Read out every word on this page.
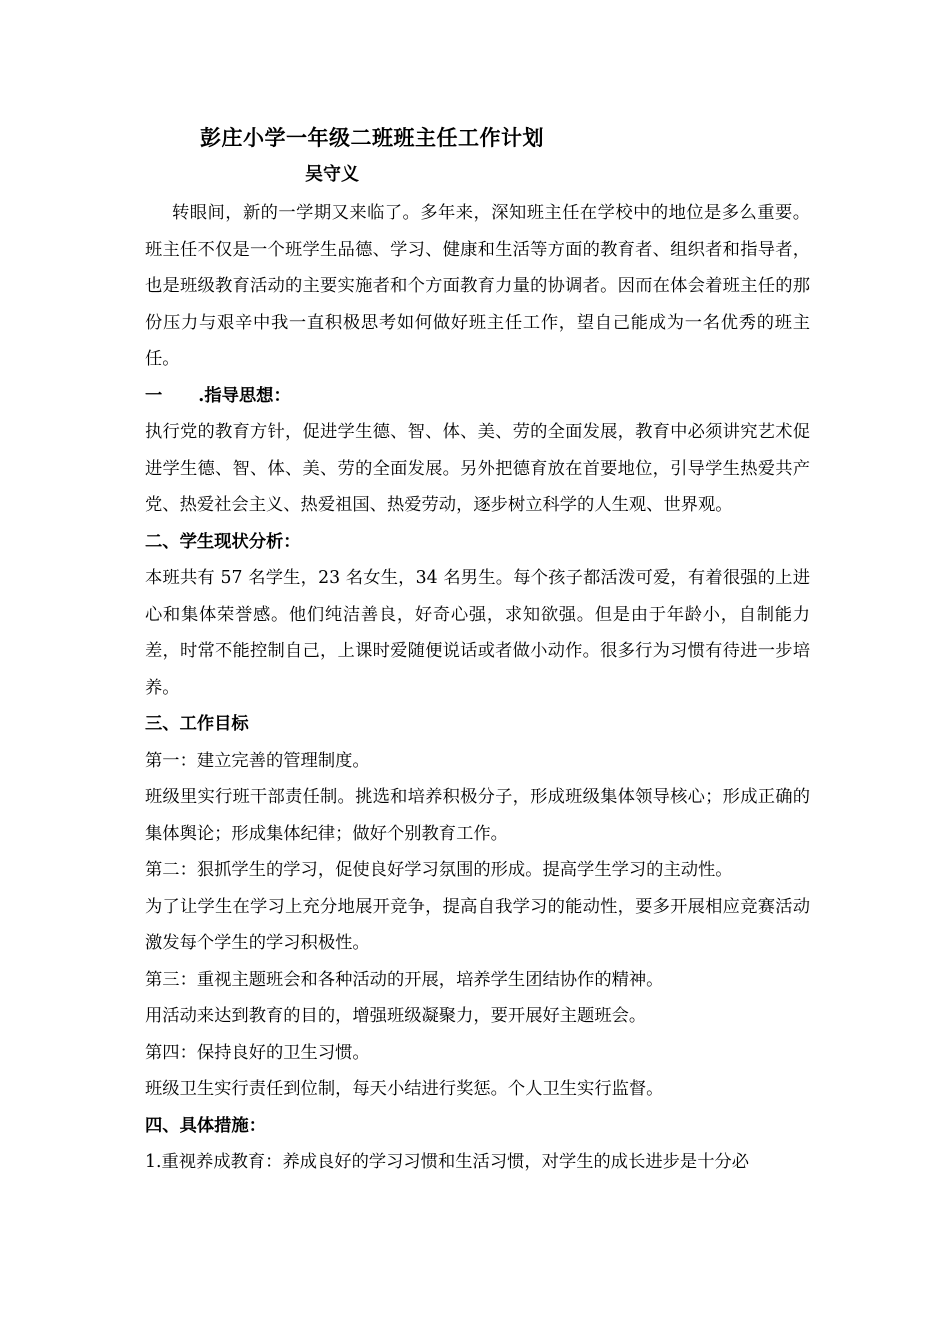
彭庄小学一年级二班班主任工作计划
吴守义

转眼间，新的一学期又来临了。多年来，深知班主任在学校中的地位是多么重要。班主任不仅是一个班学生品德、学习、健康和生活等方面的教育者、组织者和指导者，也是班级教育活动的主要实施者和个方面教育力量的协调者。因而在体会着班主任的那份压力与艰辛中我一直积极思考如何做好班主任工作，望自己能成为一名优秀的班主任。

一 .指导思想：

执行党的教育方针，促进学生德、智、体、美、劳的全面发展，教育中必须讲究艺术促进学生德、智、体、美、劳的全面发展。另外把德育放在首要地位，引导学生热爱共产党、热爱社会主义、热爱祖国、热爱劳动，逐步树立科学的人生观、世界观。

二、学生现状分析：

本班共有 57 名学生，23 名女生，34 名男生。每个孩子都活泼可爱，有着很强的上进心和集体荣誉感。他们纯洁善良，好奇心强，求知欲强。但是由于年龄小，自制能力差，时常不能控制自己，上课时爱随便说话或者做小动作。很多行为习惯有待进一步培养。

三、工作目标

第一：建立完善的管理制度。

班级里实行班干部责任制。挑选和培养积极分子，形成班级集体领导核心；形成正确的集体舆论；形成集体纪律；做好个别教育工作。

第二：狠抓学生的学习，促使良好学习氛围的形成。提高学生学习的主动性。

为了让学生在学习上充分地展开竞争，提高自我学习的能动性，要多开展相应竞赛活动激发每个学生的学习积极性。

第三：重视主题班会和各种活动的开展，培养学生团结协作的精神。

用活动来达到教育的目的，增强班级凝聚力，要开展好主题班会。

第四：保持良好的卫生习惯。

班级卫生实行责任到位制，每天小结进行奖惩。个人卫生实行监督。

四、具体措施：

1.重视养成教育：养成良好的学习习惯和生活习惯，对学生的成长进步是十分必
